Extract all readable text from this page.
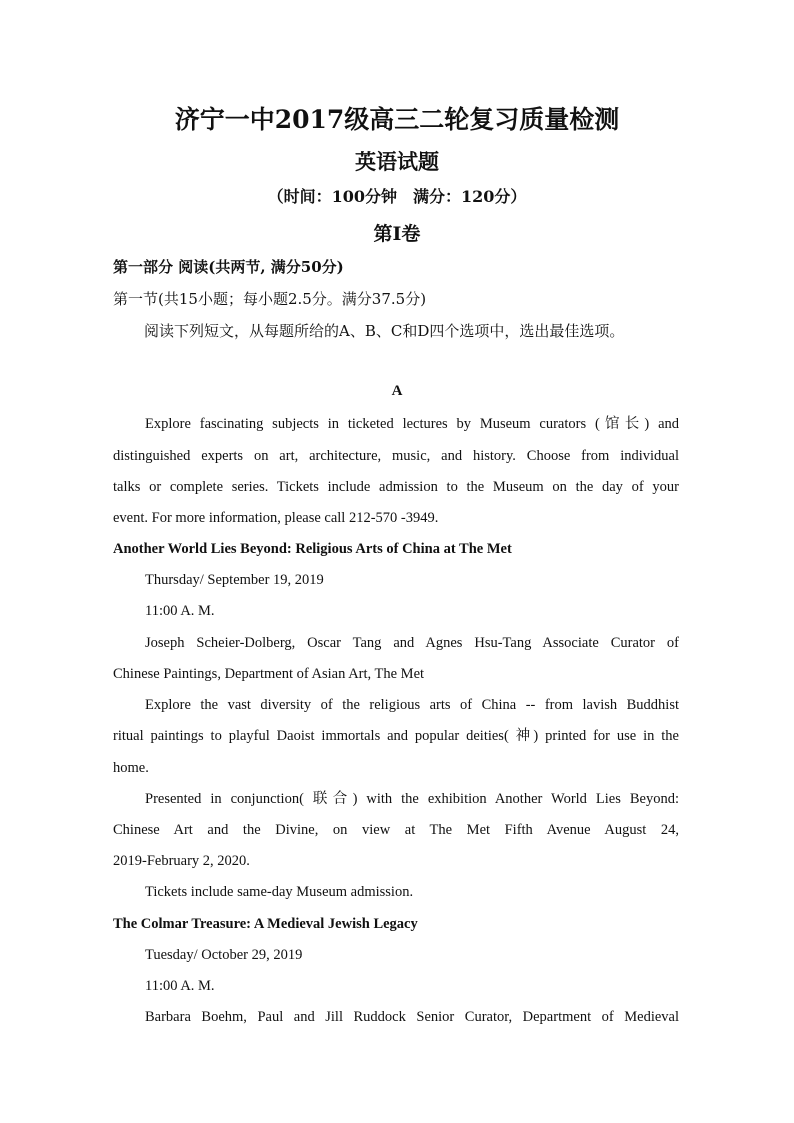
济宁一中2017级高三二轮复习质量检测
英语试题
（时间：100分钟　满分：120分）
第Ⅰ卷
第一部分 阅读(共两节, 满分50分)
第一节(共15小题；每小题2.5分。满分37.5分)
阅读下列短文，从每题所给的A、B、C和D四个选项中，选出最佳选项。
A
Explore fascinating subjects in ticketed lectures by Museum curators (馆长) and
distinguished experts on art, architecture, music, and history. Choose from individual
talks or complete series. Tickets include admission to the Museum on the day of your
event. For more information, please call 212-570 -3949.
Another World Lies Beyond: Religious Arts of China at The Met
Thursday/ September 19, 2019
11:00 A. M.
Joseph Scheier-Dolberg, Oscar Tang and Agnes Hsu-Tang Associate Curator of
Chinese Paintings, Department of Asian Art, The Met
Explore the vast diversity of the religious arts of China -- from lavish Buddhist
ritual paintings to playful Daoist immortals and popular deities( 神) printed for use in the
home.
Presented in conjunction( 联合) with the exhibition Another World Lies Beyond:
Chinese Art and the Divine, on view at The Met Fifth Avenue August 24,
2019-February 2, 2020.
Tickets include same-day Museum admission.
The Colmar Treasure: A Medieval Jewish Legacy
Tuesday/ October 29, 2019
11:00 A. M.
Barbara Boehm, Paul and Jill Ruddock Senior Curator, Department of Medieval
